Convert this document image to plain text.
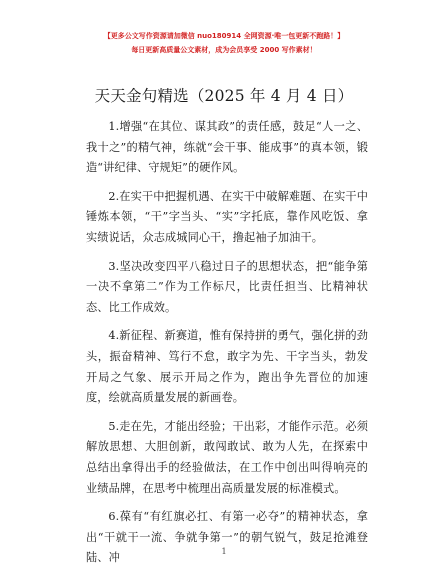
【更多公文写作资源请加微信 nuo180914 全网资源·唯一包更新不跑路！】
每日更新高质量公文素材，成为会员享受 2000 写作素材！
天天金句精选（2025 年 4 月 4 日）

1.增强“在其位、谋其政”的责任感，鼓足“人一之、我十之”的精气神，练就“会干事、能成事”的真本领，锻造“讲纪律、守规矩”的硬作风。

2.在实干中把握机遇、在实干中破解难题、在实干中锤炼本领，“干”字当头、“实”字托底，靠作风吃饭、拿实绩说话，众志成城同心干，撸起袖子加油干。

3.坚决改变四平八稳过日子的思想状态，把“能争第一决不拿第二”作为工作标尺，比责任担当、比精神状态、比工作成效。

4.新征程、新赛道，惟有保持拼的勇气，强化拼的劲头，振奋精神、笃行不怠，敢字为先、干字当头，勃发开局之气象、展示开局之作为，跑出争先晋位的加速度，绘就高质量发展的新画卷。

5.走在先，才能出经验；干出彩，才能作示范。必须解放思想、大胆创新，敢闯敢试、敢为人先，在探索中总结出拿得出手的经验做法，在工作中创出叫得响亮的业绩品牌，在思考中梳理出高质量发展的标准模式。

6.葆有“有红旗必扛、有第一必夺”的精神状态，拿出“干就干一流、争就争第一”的朝气锐气，鼓足抢滩登陆、冲	1
